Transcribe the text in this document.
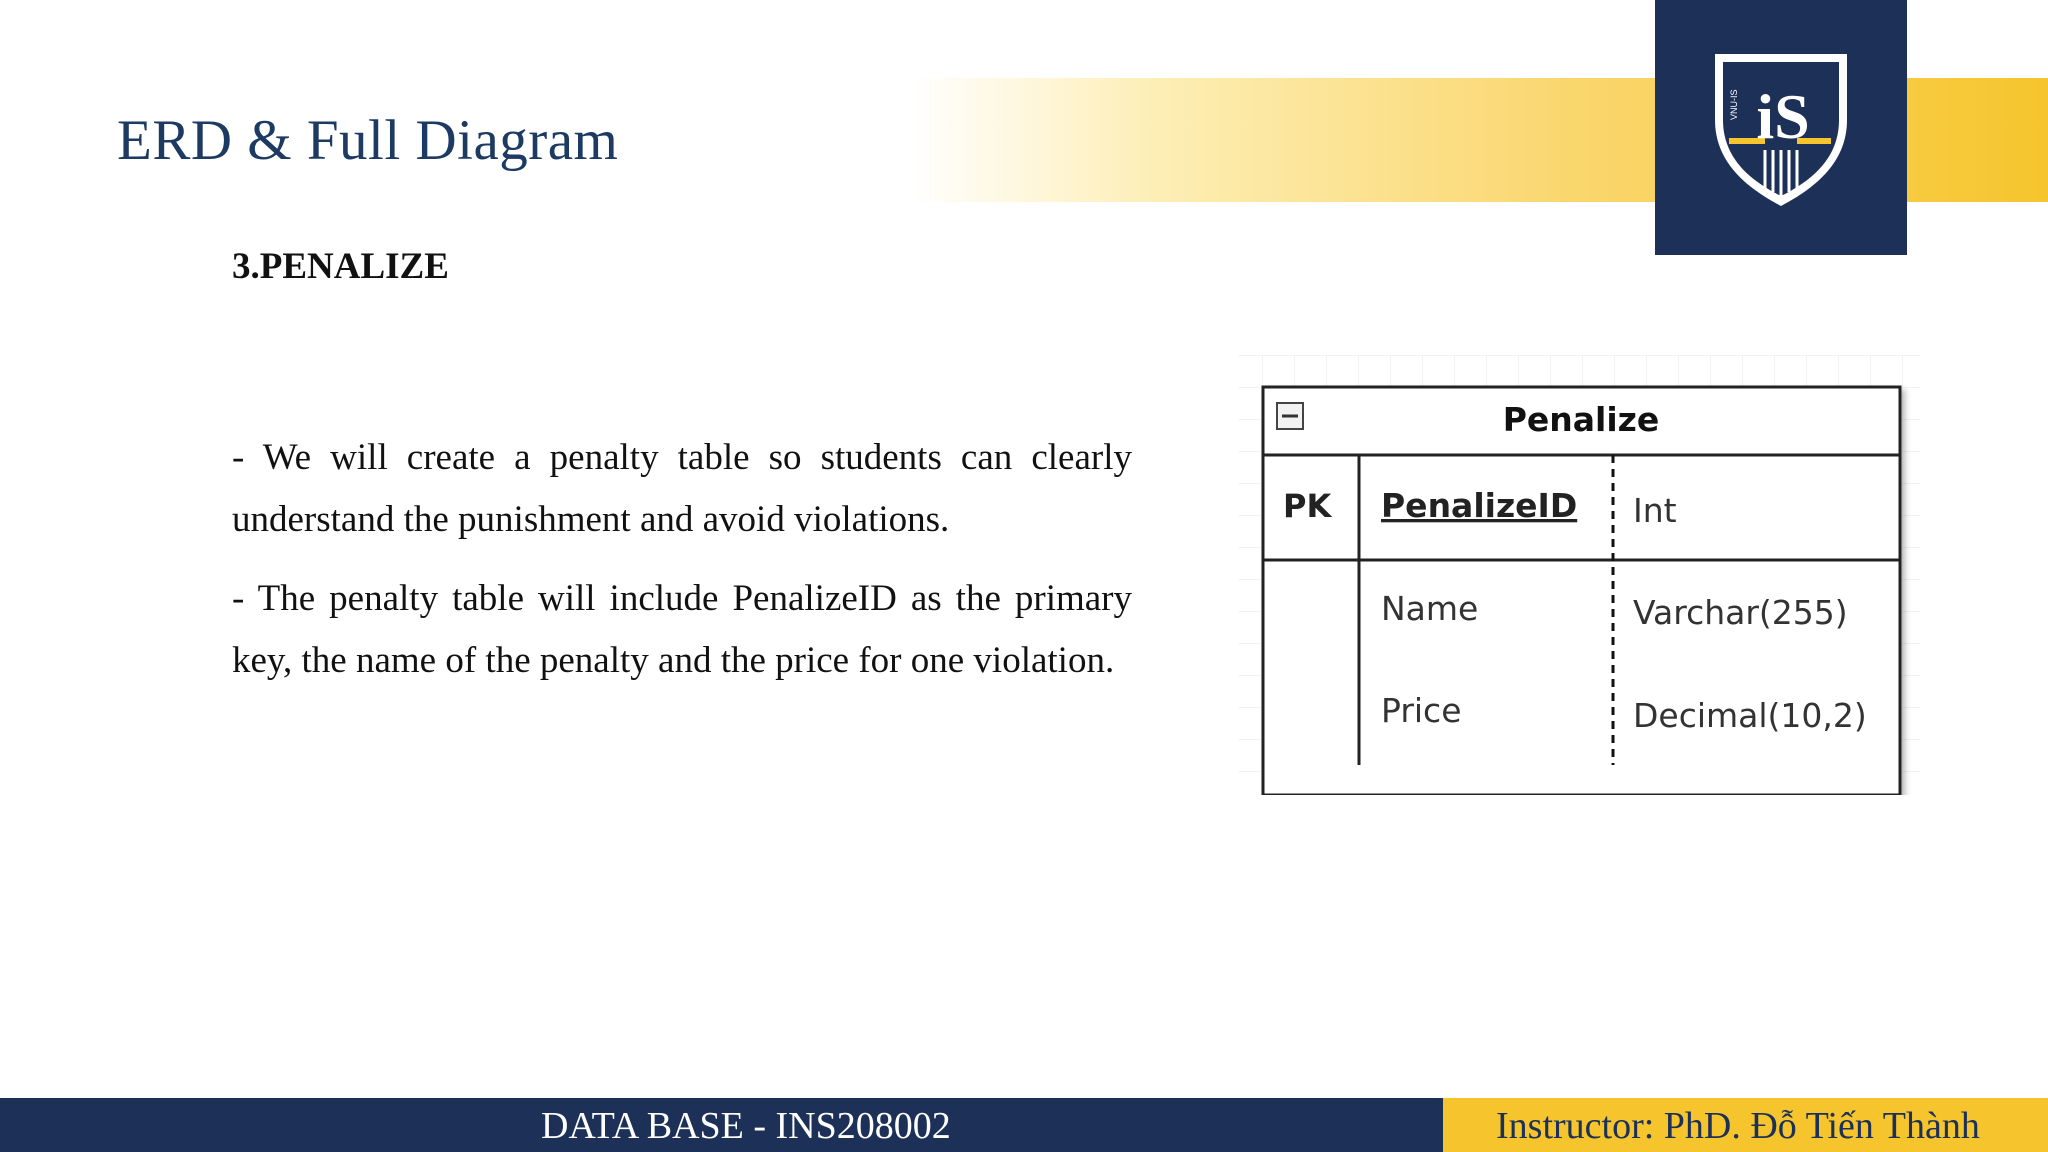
iS
VNU-IS
ERD & Full Diagram
3.PENALIZE

- We will create a penalty table so students can clearly understand the punishment and avoid violations.

- The penalty table will include PenalizeID as the primary key, the name of the penalty and the price for one violation.

Penalize
PK PenalizeID Int
Name	Varchar(255)
Price	Decimal(10,2)
DATA BASE - INS208002	Instructor: PhD. Đỗ Tiến Thành
